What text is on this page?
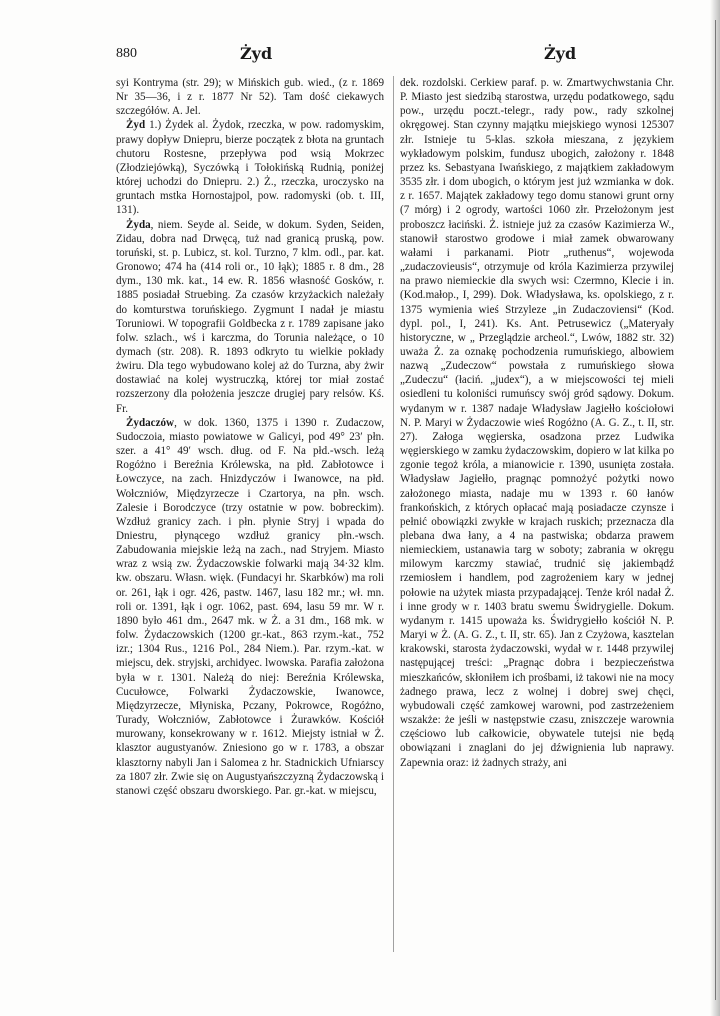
880	Żyd	Żyd

syi Kontryma (str. 29); w Mińskich gub. wied., (z r. 1869 Nr 35—36, i z r. 1877 Nr 52). Tam dość ciekawych szczegółów. A. Jel.

Żyd 1.) Żydek al. Żydok, rzeczka, w pow. radomyskim, prawy dopływ Dniepru, bierze początek z błota na gruntach chutoru Rostesne, przepływa pod wsią Mokrzec (Złodziejówką), Syczówką i Tołokińską Rudnią, poniżej której uchodzi do Dniepru. 2.) Ż., rzeczka, uroczysko na gruntach mstka Hornostajpol, pow. radomyski (ob. t. III, 131).

Żyda, niem. Seyde al. Seide, w dokum. Syden, Seiden, Zidau, dobra nad Drwęcą, tuż nad granicą pruską, pow. toruński, st. p. Lubicz, st. kol. Turzno, 7 klm. odl., par. kat. Gronowo; 474 ha (414 roli or., 10 łąk); 1885 r. 8 dm., 28 dym., 130 mk. kat., 14 ew. R. 1856 własność Gosków, r. 1885 posiadał Struebing. Za czasów krzyżackich należały do komturstwa toruńskiego. Zygmunt I nadał je miastu Toruniowi. W topografii Goldbecka z r. 1789 zapisane jako folw. szlach., wś i karczma, do Torunia należące, o 10 dymach (str. 208). R. 1893 odkryto tu wielkie pokłady żwiru. Dla tego wybudowano kolej aż do Turzna, aby żwir dostawiać na kolej wystruczką, której tor miał zostać rozszerzony dla położenia jeszcze drugiej pary relsów. Kś. Fr.

Żydaczów, w dok. 1360, 1375 i 1390 r. Zudaczow, Sudoczoia, miasto powiatowe w Galicyi, pod 49° 23′ płn. szer. a 41° 49′ wsch. dług. od F. Na płd.-wsch. leżą Rogóżno i Bereźnia Królewska, na płd. Zabłotowce i Łowczyce, na zach. Hnizdyczów i Iwanowce, na płd. Wołczniów, Międzyrzecze i Czartorya, na płn. wsch. Zalesie i Borodczyce (trzy ostatnie w pow. bobreckim). Wzdłuż granicy zach. i płn. płynie Stryj i wpada do Dniestru, płynącego wzdłuż granicy płn.-wsch. Zabudowania miejskie leżą na zach., nad Stryjem. Miasto wraz z wsią zw. Żydaczowskie folwarki mają 34·32 klm. kw. obszaru. Własn. więk. (Fundacyi hr. Skarbków) ma roli or. 261, łąk i ogr. 426, pastw. 1467, lasu 182 mr.; wł. mn. roli or. 1391, łąk i ogr. 1062, past. 694, lasu 59 mr. W r. 1890 było 461 dm., 2647 mk. w Ż. a 31 dm., 168 mk. w folw. Żydaczowskich (1200 gr.-kat., 863 rzym.-kat., 752 izr.; 1304 Rus., 1216 Pol., 284 Niem.). Par. rzym.-kat. w miejscu, dek. stryjski, archidyec. lwowska. Parafia założona była w r. 1301. Należą do niej: Bereźnia Królewska, Cucułowce, Folwarki Żydaczowskie, Iwanowce, Międzyrzecze, Młyniska, Pczany, Pokrowce, Rogóżno, Turady, Wołczniów, Zabłotowce i Żurawków. Kościół murowany, konsekrowany w r. 1612. Miejsty istniał w Ż. klasztor augustyanów. Zniesiono go w r. 1783, a obszar klasztorny nabyli Jan i Salomea z hr. Stadnickich Ufniarscy za 1807 złr. Zwie się on Augustyańszczyzną Żydaczowską i stanowi część obszaru dworskiego. Par. gr.-kat. w miejscu,

dek. rozdolski. Cerkiew paraf. p. w. Zmartwychwstania Chr. P. Miasto jest siedzibą starostwa, urzędu podatkowego, sądu pow., urzędu poczt.-telegr., rady pow., rady szkolnej okręgowej. Stan czynny majątku miejskiego wynosi 125307 złr. Istnieje tu 5-klas. szkoła mieszana, z językiem wykładowym polskim, fundusz ubogich, założony r. 1848 przez ks. Sebastyana Iwańskiego, z majątkiem zakładowym 3535 złr. i dom ubogich, o którym jest już wzmianka w dok. z r. 1657. Majątek zakładowy tego domu stanowi grunt orny (7 mórg) i 2 ogrody, wartości 1060 złr. Przełożonym jest proboszcz łaciński. Ż. istnieje już za czasów Kazimierza W., stanowił starostwo grodowe i miał zamek obwarowany wałami i parkanami. Piotr „ruthenus“, wojewoda „zudaczovieusis“, otrzymuje od króla Kazimierza przywilej na prawo niemieckie dla swych wsi: Czermno, Klecie i in. (Kod.małop., I, 299). Dok. Władysława, ks. opolskiego, z r. 1375 wymienia wieś Strzyleze „in Zudaczoviensi“ (Kod. dypl. pol., I, 241). Ks. Ant. Petrusewicz („Materyały historyczne, w „ Przeglądzie archeol.“, Lwów, 1882 str. 32) uważa Ż. za oznakę pochodzenia rumuńskiego, albowiem nazwą „Zudeczow“ powstała z rumuńskiego słowa „Zudeczu“ (łaciń. „judex“), a w miejscowości tej mieli osiedleni tu koloniści rumuńscy swój gród sądowy. Dokum. wydanym w r. 1387 nadaje Władysław Jagiełło kościołowi N. P. Maryi w Żydaczowie wieś Rogóżno (A. G. Z., t. II, str. 27). Załoga węgierska, osadzona przez Ludwika węgierskiego w zamku żydaczowskim, dopiero w lat kilka po zgonie tegoż króla, a mianowicie r. 1390, usunięta została. Władysław Jagiełło, pragnąc pomnożyć pożytki nowo założonego miasta, nadaje mu w 1393 r. 60 łanów frankońskich, z których opłacać mają posiadacze czynsze i pełnić obowiązki zwykłe w krajach ruskich; przeznacza dla plebana dwa łany, a 4 na pastwiska; obdarza prawem niemieckiem, ustanawia targ w soboty; zabrania w okręgu milowym karczmy stawiać, trudnić się jakiembądź rzemiosłem i handlem, pod zagrożeniem kary w jednej połowie na użytek miasta przypadającej. Tenże król nadał Ż. i inne grody w r. 1403 bratu swemu Świdrygielle. Dokum. wydanym r. 1415 upoważa ks. Świdrygiełło kościół N. P. Maryi w Ż. (A. G. Z., t. II, str. 65). Jan z Czyżowa, kasztelan krakowski, starosta żydaczowski, wydał w r. 1448 przywilej następującej treści: „Pragnąc dobra i bezpieczeństwa mieszkańców, skłoniłem ich prośbami, iż takowi nie na mocy żadnego prawa, lecz z wolnej i dobrej swej chęci, wybudowali część zamkowej warowni, pod zastrzeżeniem wszakże: że jeśli w następstwie czasu, zniszczeje warownia częściowo lub całkowicie, obywatele tutejsi nie będą obowiązani i znaglani do jej dźwignienia lub naprawy. Zapewnia oraz: iż żadnych straży, ani
